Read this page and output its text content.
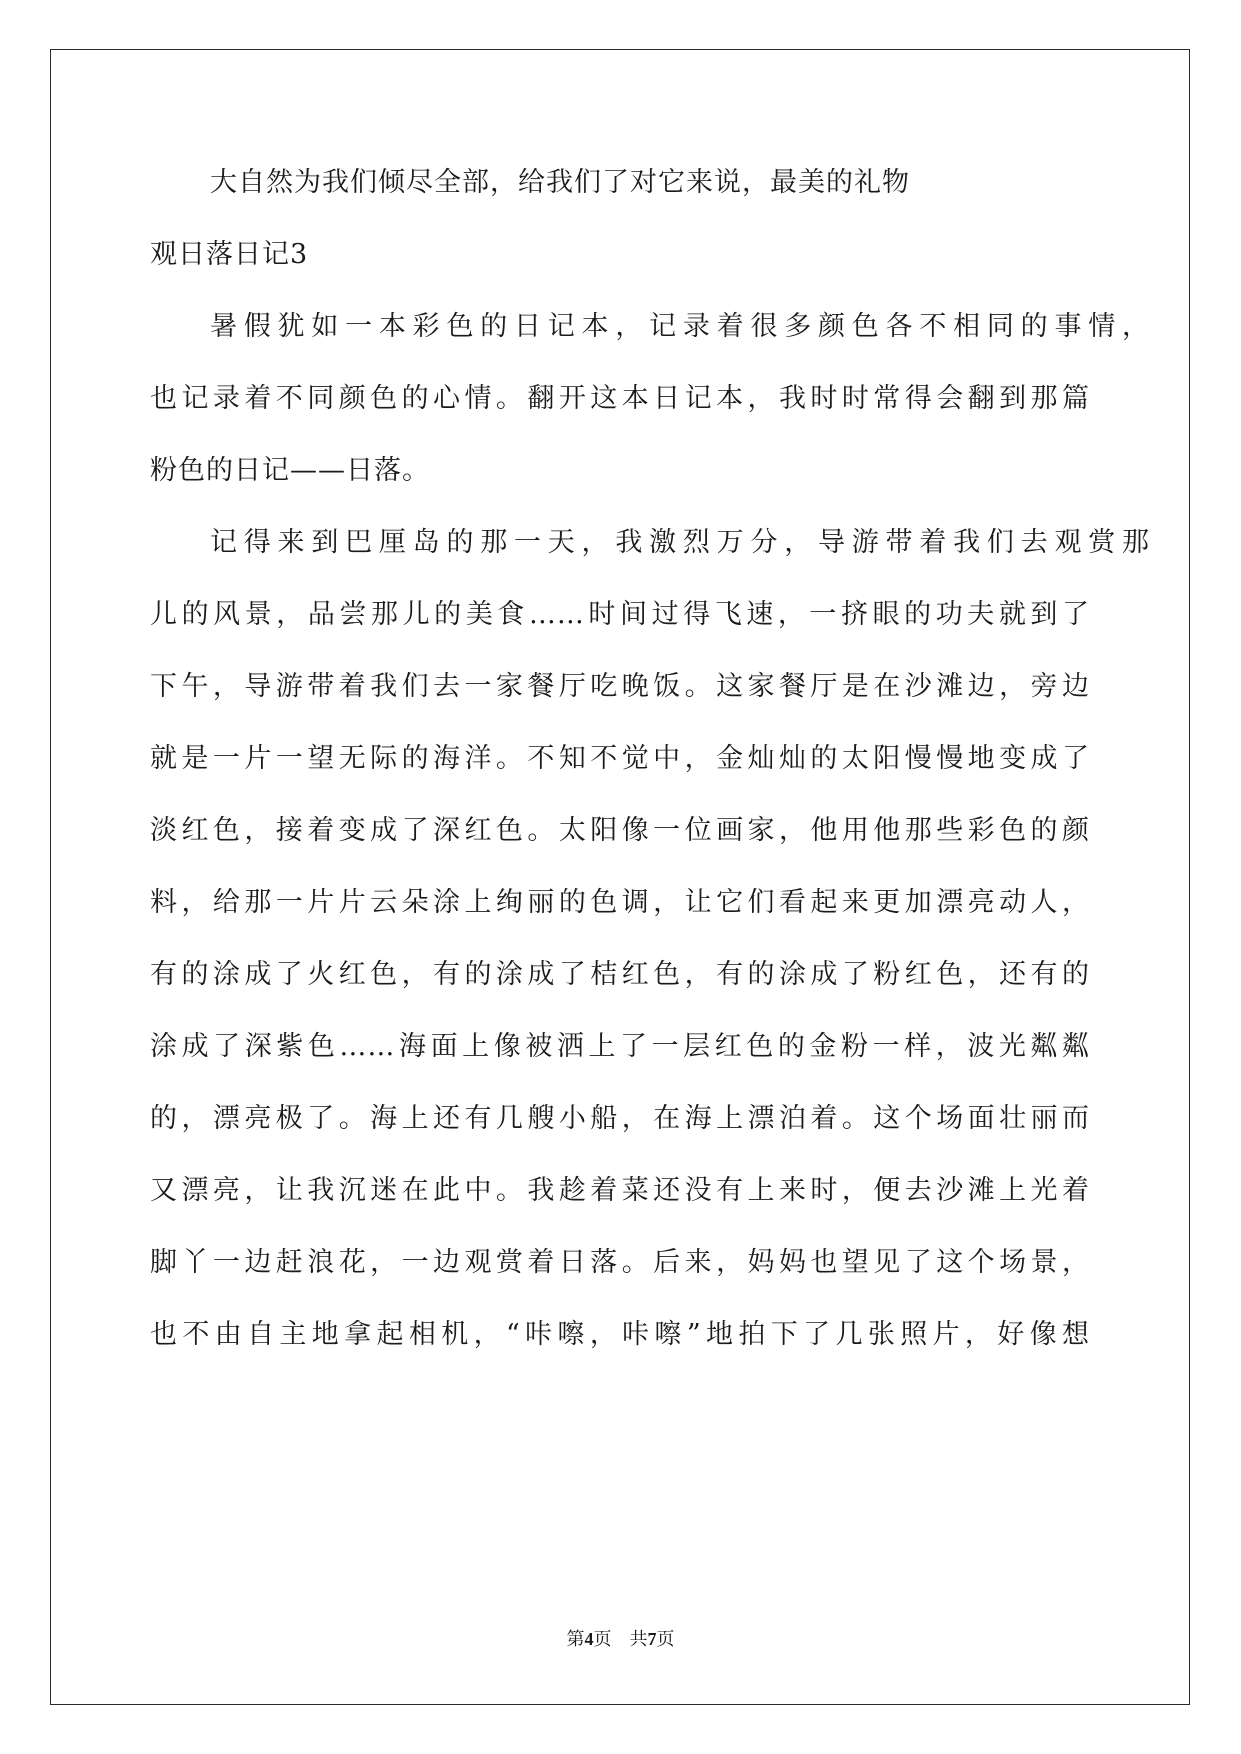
大自然为我们倾尽全部，给我们了对它来说，最美的礼物
观日落日记3
暑假犹如一本彩色的日记本，记录着很多颜色各不相同的事情，
也记录着不同颜色的心情。翻开这本日记本，我时时常得会翻到那篇
粉色的日记——日落。
记得来到巴厘岛的那一天，我激烈万分，导游带着我们去观赏那
儿的风景，品尝那儿的美食……时间过得飞速，一挤眼的功夫就到了
下午，导游带着我们去一家餐厅吃晚饭。这家餐厅是在沙滩边，旁边
就是一片一望无际的海洋。不知不觉中，金灿灿的太阳慢慢地变成了
淡红色，接着变成了深红色。太阳像一位画家，他用他那些彩色的颜
料，给那一片片云朵涂上绚丽的色调，让它们看起来更加漂亮动人，
有的涂成了火红色，有的涂成了桔红色，有的涂成了粉红色，还有的
涂成了深紫色……海面上像被洒上了一层红色的金粉一样，波光粼粼
的，漂亮极了。海上还有几艘小船，在海上漂泊着。这个场面壮丽而
又漂亮，让我沉迷在此中。我趁着菜还没有上来时，便去沙滩上光着
脚丫一边赶浪花，一边观赏着日落。后来，妈妈也望见了这个场景，
也不由自主地拿起相机，“咔嚓，咔嚓”地拍下了几张照片，好像想
第4页 共7页
